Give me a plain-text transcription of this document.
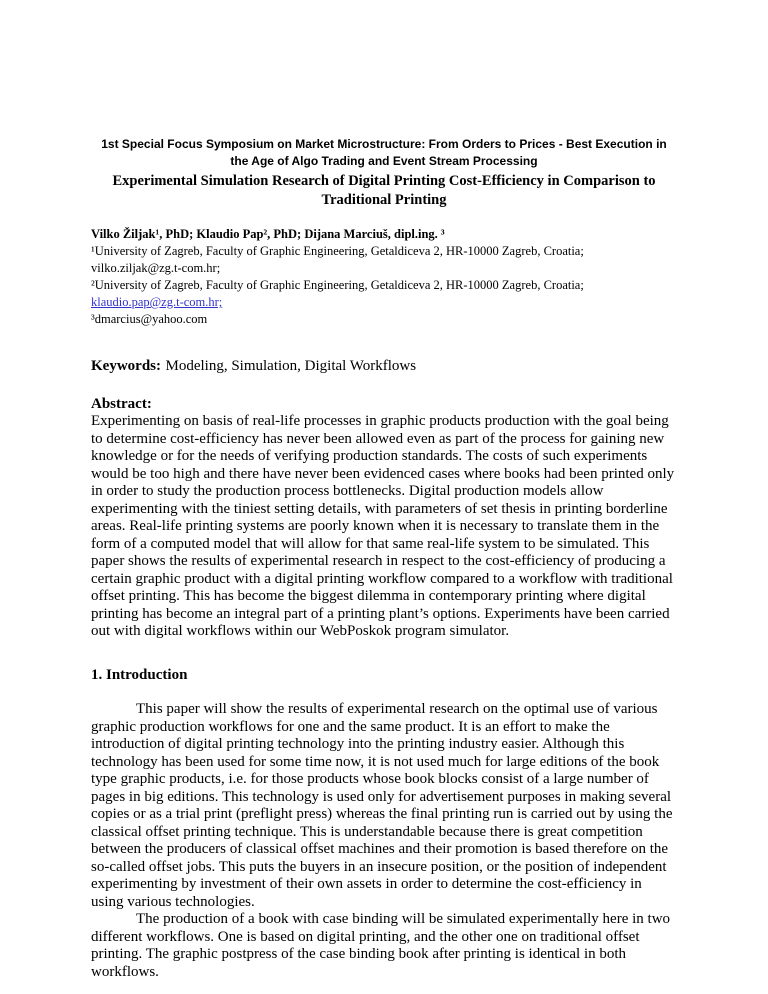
1st Special Focus Symposium on Market Microstructure: From Orders to Prices - Best Execution in the Age of Algo Trading and Event Stream Processing
Experimental Simulation Research of Digital Printing Cost-Efficiency in Comparison to Traditional Printing
Vilko Žiljak¹, PhD; Klaudio Pap², PhD; Dijana Marciuš, dipl.ing. ³
¹University of Zagreb, Faculty of Graphic Engineering, Getaldiceva 2, HR-10000 Zagreb, Croatia;
vilko.ziljak@zg.t-com.hr;
²University of Zagreb, Faculty of Graphic Engineering, Getaldiceva 2, HR-10000 Zagreb, Croatia;
klaudio.pap@zg.t-com.hr;
³dmarcius@yahoo.com

Keywords: Modeling, Simulation, Digital Workflows

Abstract:

Experimenting on basis of real-life processes in graphic products production with the goal being to determine cost-efficiency has never been allowed even as part of the process for gaining new knowledge or for the needs of verifying production standards. The costs of such experiments would be too high and there have never been evidenced cases where books had been printed only in order to study the production process bottlenecks. Digital production models allow experimenting with the tiniest setting details, with parameters of set thesis in printing borderline areas. Real-life printing systems are poorly known when it is necessary to translate them in the form of a computed model that will allow for that same real-life system to be simulated. This paper shows the results of experimental research in respect to the cost-efficiency of producing a certain graphic product with a digital printing workflow compared to a workflow with traditional offset printing. This has become the biggest dilemma in contemporary printing where digital printing has become an integral part of a printing plant’s options. Experiments have been carried out with digital workflows within our WebPoskok program simulator.

1. Introduction

This paper will show the results of experimental research on the optimal use of various graphic production workflows for one and the same product. It is an effort to make the introduction of digital printing technology into the printing industry easier. Although this technology has been used for some time now, it is not used much for large editions of the book type graphic products, i.e. for those products whose book blocks consist of a large number of pages in big editions. This technology is used only for advertisement purposes in making several copies or as a trial print (preflight press) whereas the final printing run is carried out by using the classical offset printing technique. This is understandable because there is great competition between the producers of classical offset machines and their promotion is based therefore on the so-called offset jobs. This puts the buyers in an insecure position, or the position of independent experimenting by investment of their own assets in order to determine the cost-efficiency in using various technologies.

The production of a book with case binding will be simulated experimentally here in two different workflows. One is based on digital printing, and the other one on traditional offset printing. The graphic postpress of the case binding book after printing is identical in both workflows.
